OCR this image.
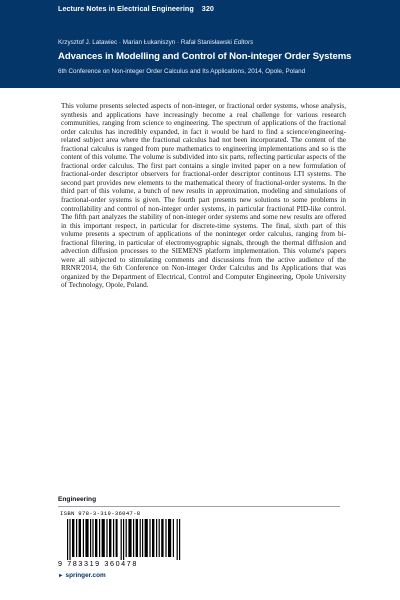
Lecture Notes in Electrical Engineering 320
Krzysztof J. Latawiec · Marian Łukaniszyn · Rafał Stanisławski Editors
Advances in Modelling and Control of Non-integer Order Systems
6th Conference on Non-integer Order Calculus and Its Applications, 2014, Opole, Poland

This volume presents selected aspects of non-integer, or fractional order systems, whose analysis, synthesis and applications have increasingly become a real challenge for various research communities, ranging from science to engineering. The spectrum of applications of the fractional order calculus has incredibly expanded, in fact it would be hard to find a science/engineering-related subject area where the fractional calculus had not been incorporated. The content of the fractional calculus is ranged from pure mathematics to engineering implementations and so is the content of this volume. The volume is subdivided into six parts, reflecting particular aspects of the fractional order calculus. The first part contains a single invited paper on a new formulation of fractional-order descriptor observers for fractional-order descriptor continous LTI systems. The second part provides new elements to the mathematical theory of fractional-order systems. In the third part of this volume, a bunch of new results in approximation, modeling and simulations of fractional-order systems is given. The fourth part presents new solutions to some problems in controllability and control of non-integer order systems, in particular fractional PID-like control. The fifth part analyzes the stability of non-integer order systems and some new results are offered in this important respect, in particular for discrete-time systems. The final, sixth part of this volume presents a spectrum of applications of the noninteger order calculus, ranging from bi-fractional filtering, in particular of electromyographic signals, through the thermal diffusion and advection diffusion processes to the SIEMENS platform implementation. This volume's papers were all subjected to stimulating comments and discussions from the active audience of the RRNR'2014, the 6th Conference on Non-integer Order Calculus and Its Applications that was organized by the Department of Electrical, Control and Computer Engineering, Opole University of Technology, Opole, Poland.

Engineering
ISBN 978-3-319-36047-8
9 783319 360478
► springer.com
